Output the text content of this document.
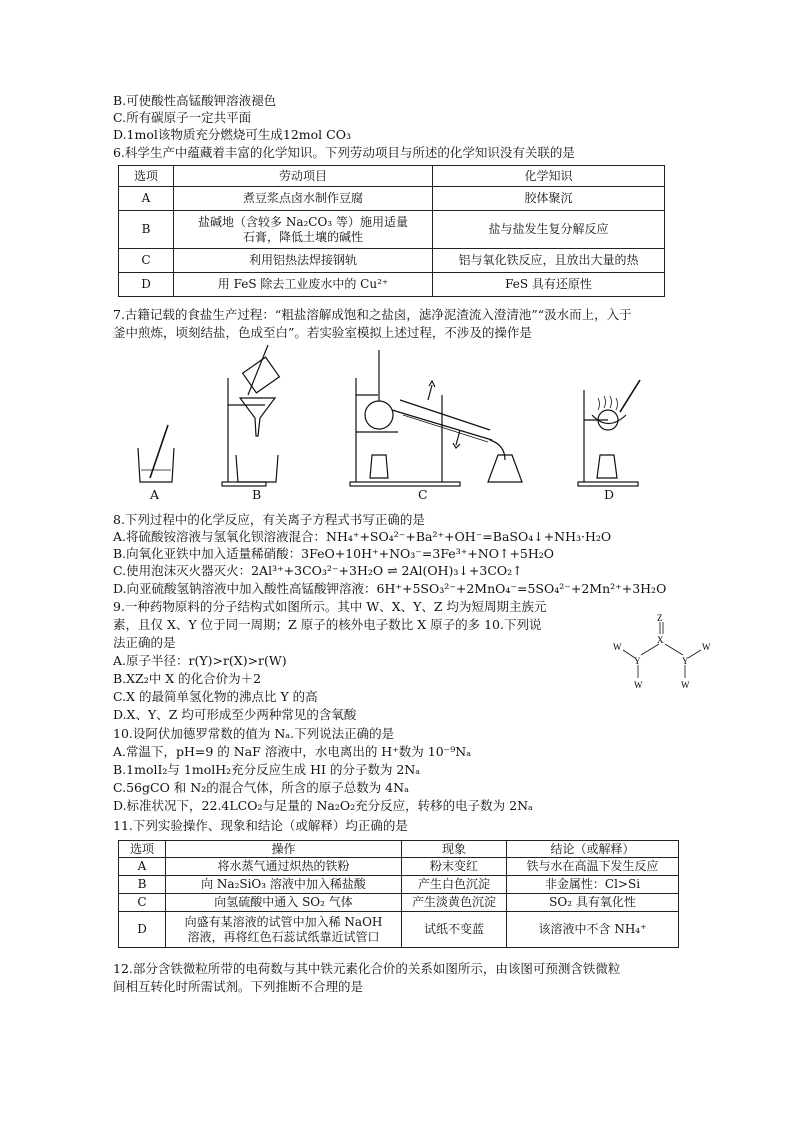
B.可使酸性高锰酸钾溶液褪色
C.所有碳原子一定共平面
D.1mol该物质充分燃烧可生成12mol CO₃
6.科学生产中蕴藏着丰富的化学知识。下列劳动项目与所述的化学知识没有关联的是
选项	劳动项目	化学知识
A	煮豆浆点卤水制作豆腐	胶体聚沉
B	盐碱地（含较多 Na₂CO₃ 等）施用适量
石膏，降低土壤的碱性	盐与盐发生复分解反应
C	利用铝热法焊接钢轨	铝与氧化铁反应，且放出大量的热
D	用 FeS 除去工业废水中的 Cu²⁺	FeS 具有还原性
7.古籍记载的食盐生产过程：“粗盐溶解成饱和之盐卤，滤净泥渣流入澄清池”“汲水而上，入于
釜中煎炼，顷刻结盐，色成至白”。若实验室模拟上述过程，不涉及的操作是
A	B	C	D
8.下列过程中的化学反应，有关离子方程式书写正确的是
A.将硫酸铵溶液与氢氧化钡溶液混合：NH₄⁺+SO₄²⁻+Ba²⁺+OH⁻=BaSO₄↓+NH₃·H₂O
B.向氧化亚铁中加入适量稀硝酸：3FeO+10H⁺+NO₃⁻=3Fe³⁺+NO↑+5H₂O
C.使用泡沫灭火器灭火：2Al³⁺+3CO₃²⁻+3H₂O ⇌ 2Al(OH)₃↓+3CO₂↑
D.向亚硫酸氢钠溶液中加入酸性高锰酸钾溶液：6H⁺+5SO₃²⁻+2MnO₄⁻=5SO₄²⁻+2Mn²⁺+3H₂O
9.一种药物原料的分子结构式如图所示。其中 W、X、Y、Z 均为短周期主族元
素，且仅 X、Y 位于同一周期；Z 原子的核外电子数比 X 原子的多 10.下列说
法正确的是
A.原子半径：r(Y)>r(X)>r(W)
B.XZ₂中 X 的化合价为＋2
C.X 的最简单氢化物的沸点比 Y 的高
D.X、Y、Z 均可形成至少两种常见的含氧酸
Z
X
Y	Y
W
W
W
W
10.设阿伏加德罗常数的值为 Nₐ.下列说法正确的是
A.常温下，pH=9 的 NaF 溶液中，水电离出的 H⁺数为 10⁻⁹Nₐ
B.1molI₂与 1molH₂充分反应生成 HI 的分子数为 2Nₐ
C.56gCO 和 N₂的混合气体，所含的原子总数为 4Nₐ
D.标准状况下，22.4LCO₂与足量的 Na₂O₂充分反应，转移的电子数为 2Nₐ
11.下列实验操作、现象和结论（或解释）均正确的是
选项	操作	现象	结论（或解释）
A	将水蒸气通过炽热的铁粉	粉末变红	铁与水在高温下发生反应
B	向 Na₂SiO₃ 溶液中加入稀盐酸	产生白色沉淀	非金属性：Cl>Si
C	向氢硫酸中通入 SO₂ 气体	产生淡黄色沉淀	SO₂ 具有氧化性
D	向盛有某溶液的试管中加入稀 NaOH
溶液，再将红色石蕊试纸靠近试管口	试纸不变蓝	该溶液中不含 NH₄⁺
12.部分含铁微粒所带的电荷数与其中铁元素化合价的关系如图所示，由该图可预测含铁微粒
间相互转化时所需试剂。下列推断不合理的是
